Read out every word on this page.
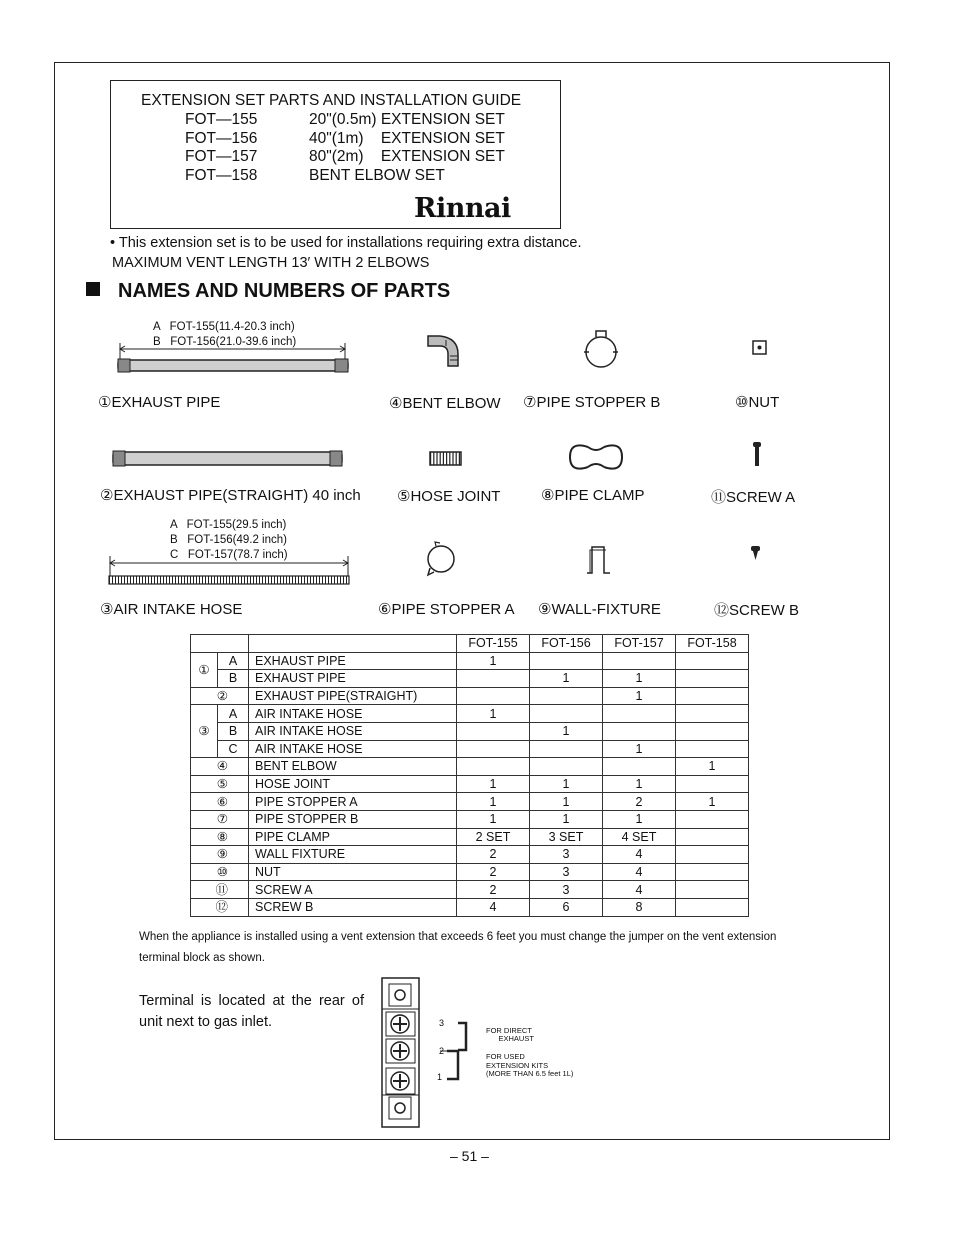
EXTENSION SET PARTS AND INSTALLATION GUIDE
FOT—155	20"(0.5m) EXTENSION SET
FOT—156	40"(1m)    EXTENSION SET
FOT—157	80"(2m)    EXTENSION SET
FOT—158	BENT ELBOW SET
Rinnai
• This extension set is to be used for installations requiring extra distance.
MAXIMUM VENT LENGTH 13′ WITH 2 ELBOWS
NAMES AND NUMBERS OF PARTS
A   FOT-155(11.4-20.3 inch)
B   FOT-156(21.0-39.6 inch)
①EXHAUST PIPE
②EXHAUST PIPE(STRAIGHT) 40 inch
A   FOT-155(29.5 inch)
B   FOT-156(49.2 inch)
C   FOT-157(78.7 inch)
③AIR INTAKE HOSE
④BENT ELBOW
⑤HOSE JOINT
⑥PIPE STOPPER A
⑦PIPE STOPPER B
⑧PIPE CLAMP
⑨WALL-FIXTURE
⑩NUT
⑪SCREW A
⑫SCREW B
			FOT-155	FOT-156	FOT-157	FOT-158
①	A	EXHAUST PIPE	1			
	B	EXHAUST PIPE		1	1	
②		EXHAUST PIPE(STRAIGHT)			1	
③	A	AIR INTAKE HOSE	1			
	B	AIR INTAKE HOSE		1		
	C	AIR INTAKE HOSE			1	
④		BENT ELBOW				1
⑤		HOSE JOINT	1	1	1	
⑥		PIPE STOPPER A	1	1	2	1
⑦		PIPE STOPPER B	1	1	1	
⑧		PIPE CLAMP	2 SET	3 SET	4 SET	
⑨		WALL FIXTURE	2	3	4	
⑩		NUT	2	3	4	
⑪		SCREW A	2	3	4	
⑫		SCREW B	4	6	8	
When the appliance is installed using a vent extension that exceeds 6 feet you must change the jumper on the vent extension terminal block as shown.
Terminal is located at the rear of unit next to gas inlet.	3
2
1
FOR DIRECT
EXHAUST
FOR USED
EXTENSION KITS
(MORE THAN 6.5 feet 1L)
– 51 –
